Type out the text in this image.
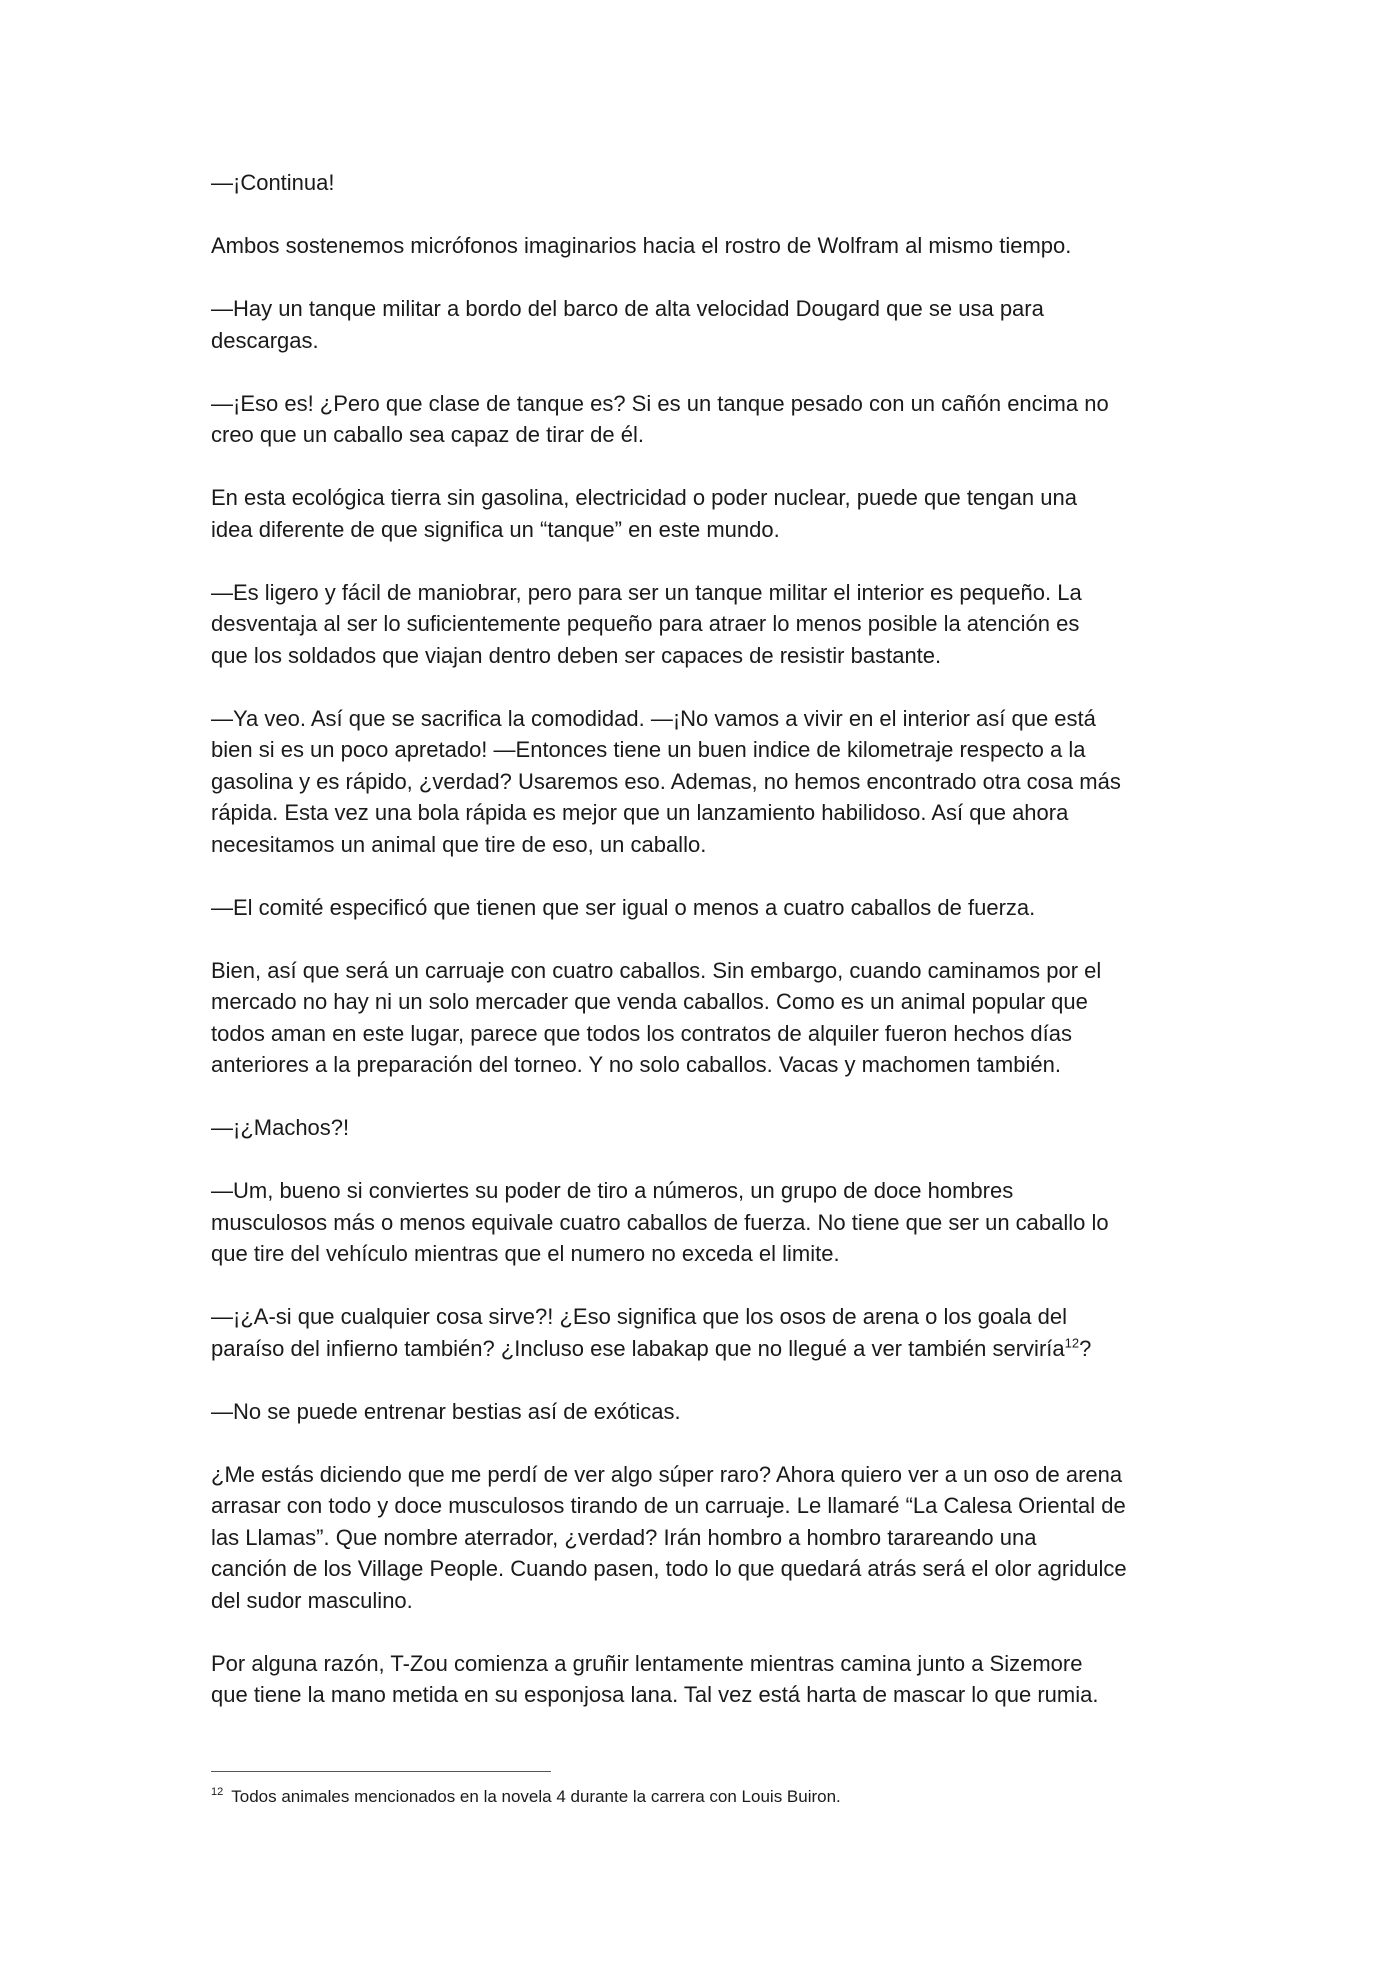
—¡Continua!

Ambos sostenemos micrófonos imaginarios hacia el rostro de Wolfram al mismo tiempo.

—Hay un tanque militar a bordo del barco de alta velocidad Dougard que se usa para
descargas.

—¡Eso es! ¿Pero que clase de tanque es? Si es un tanque pesado con un cañón encima no
creo que un caballo sea capaz de tirar de él.

En esta ecológica tierra sin gasolina, electricidad o poder nuclear, puede que tengan una
idea diferente de que significa un “tanque” en este mundo.

—Es ligero y fácil de maniobrar, pero para ser un tanque militar el interior es pequeño. La
desventaja al ser lo suficientemente pequeño para atraer lo menos posible la atención es
que los soldados que viajan dentro deben ser capaces de resistir bastante.

—Ya veo. Así que se sacrifica la comodidad. —¡No vamos a vivir en el interior así que está
bien si es un poco apretado! —Entonces tiene un buen indice de kilometraje respecto a la
gasolina y es rápido, ¿verdad? Usaremos eso. Ademas, no hemos encontrado otra cosa más
rápida. Esta vez una bola rápida es mejor que un lanzamiento habilidoso. Así que ahora
necesitamos un animal que tire de eso, un caballo.

—El comité especificó que tienen que ser igual o menos a cuatro caballos de fuerza.

Bien, así que será un carruaje con cuatro caballos. Sin embargo, cuando caminamos por el
mercado no hay ni un solo mercader que venda caballos. Como es un animal popular que
todos aman en este lugar, parece que todos los contratos de alquiler fueron hechos días
anteriores a la preparación del torneo. Y no solo caballos. Vacas y machomen también.

—¡¿Machos?!

—Um, bueno si conviertes su poder de tiro a números, un grupo de doce hombres
musculosos más o menos equivale cuatro caballos de fuerza. No tiene que ser un caballo lo
que tire del vehículo mientras que el numero no exceda el limite.

—¡¿A-si que cualquier cosa sirve?! ¿Eso significa que los osos de arena o los goala del
paraíso del infierno también? ¿Incluso ese labakap que no llegué a ver también serviría$^{12}$?

—No se puede entrenar bestias así de exóticas.

¿Me estás diciendo que me perdí de ver algo súper raro? Ahora quiero ver a un oso de arena
arrasar con todo y doce musculosos tirando de un carruaje. Le llamaré “La Calesa Oriental de
las Llamas”. Que nombre aterrador, ¿verdad? Irán hombro a hombro tarareando una
canción de los Village People. Cuando pasen, todo lo que quedará atrás será el olor agridulce
del sudor masculino.

Por alguna razón, T-Zou comienza a gruñir lentamente mientras camina junto a Sizemore
que tiene la mano metida en su esponjosa lana. Tal vez está harta de mascar lo que rumia.

$^{12}$ Todos animales mencionados en la novela 4 durante la carrera con Louis Buiron.
